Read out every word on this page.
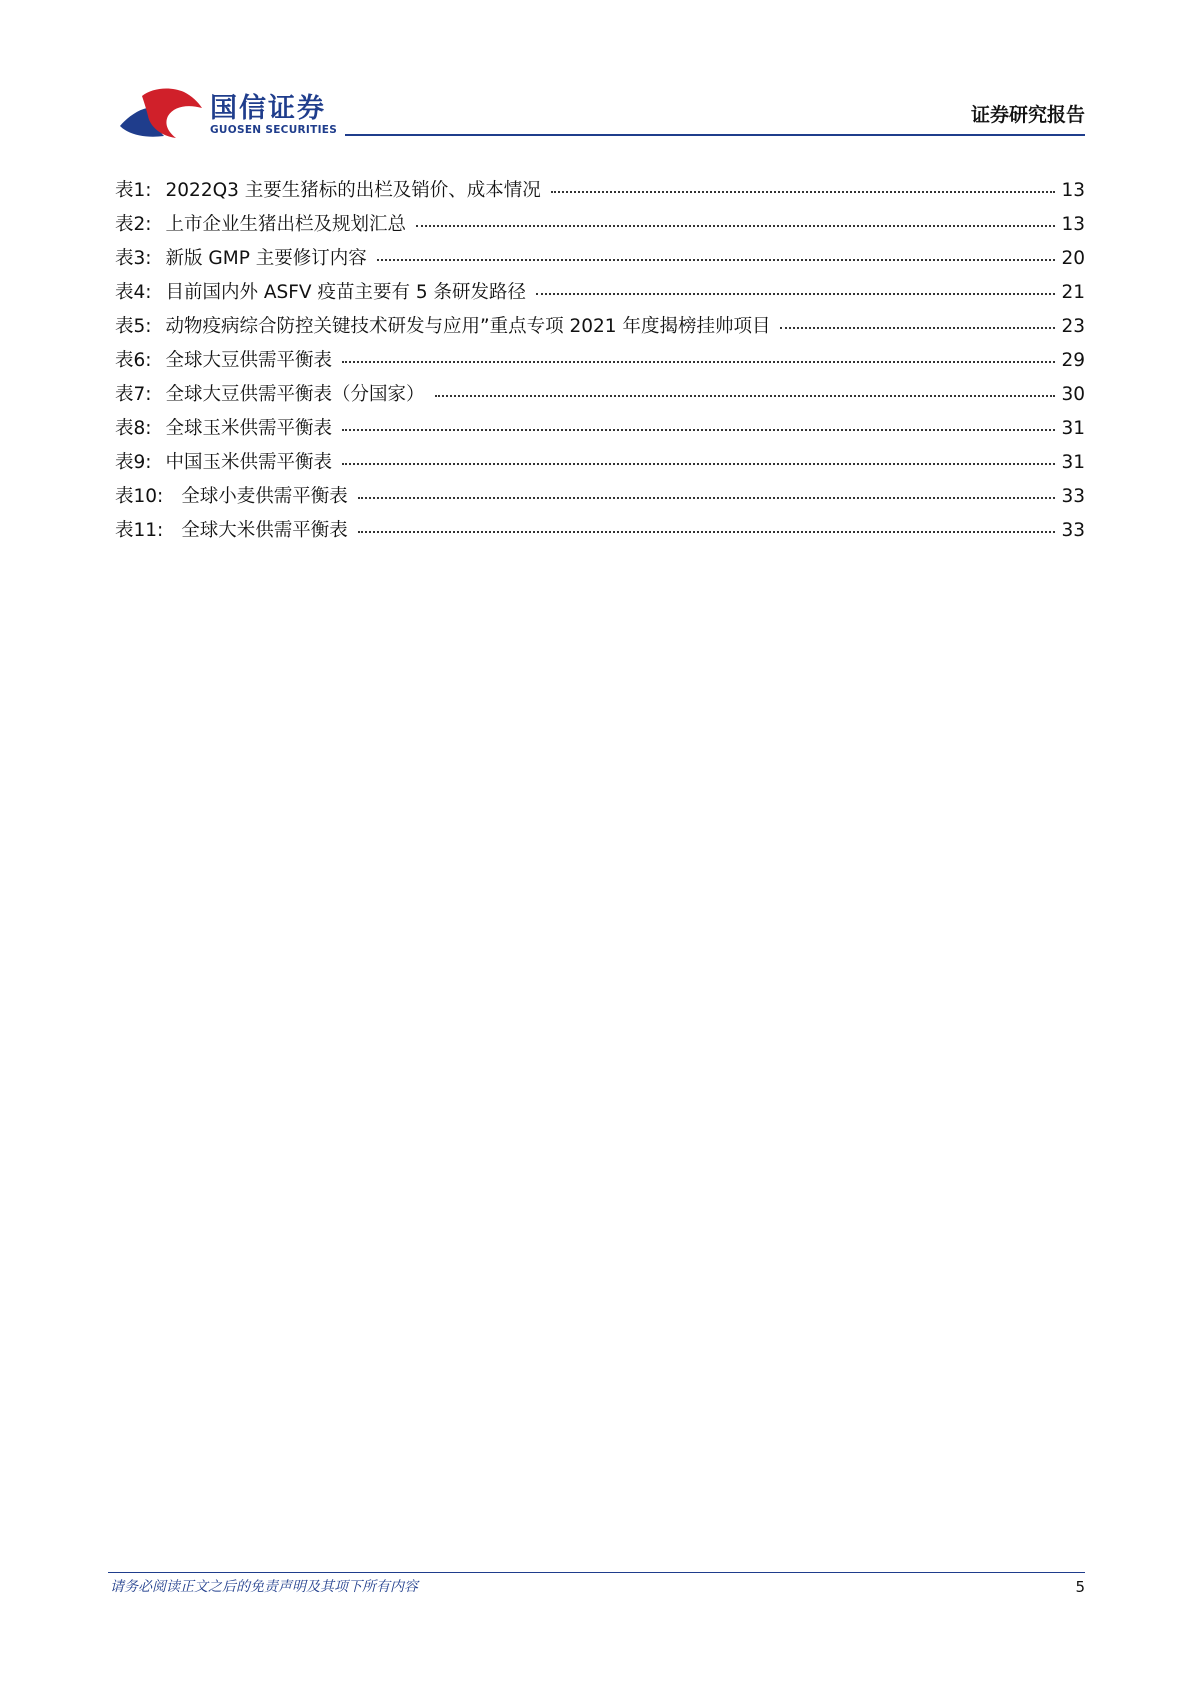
国信证券
GUOSEN SECURITIES
证券研究报告
表1: 2022Q3 主要生猪标的出栏及销价、成本情况	13
表2: 上市企业生猪出栏及规划汇总	13
表3: 新版 GMP 主要修订内容	20
表4: 目前国内外 ASFV 疫苗主要有 5 条研发路径	21
表5: 动物疫病综合防控关键技术研发与应用”重点专项 2021 年度揭榜挂帅项目	23
表6: 全球大豆供需平衡表	29
表7: 全球大豆供需平衡表（分国家）	30
表8: 全球玉米供需平衡表	31
表9: 中国玉米供需平衡表	31
表10: 全球小麦供需平衡表	33
表11: 全球大米供需平衡表	33
请务必阅读正文之后的免责声明及其项下所有内容	5
